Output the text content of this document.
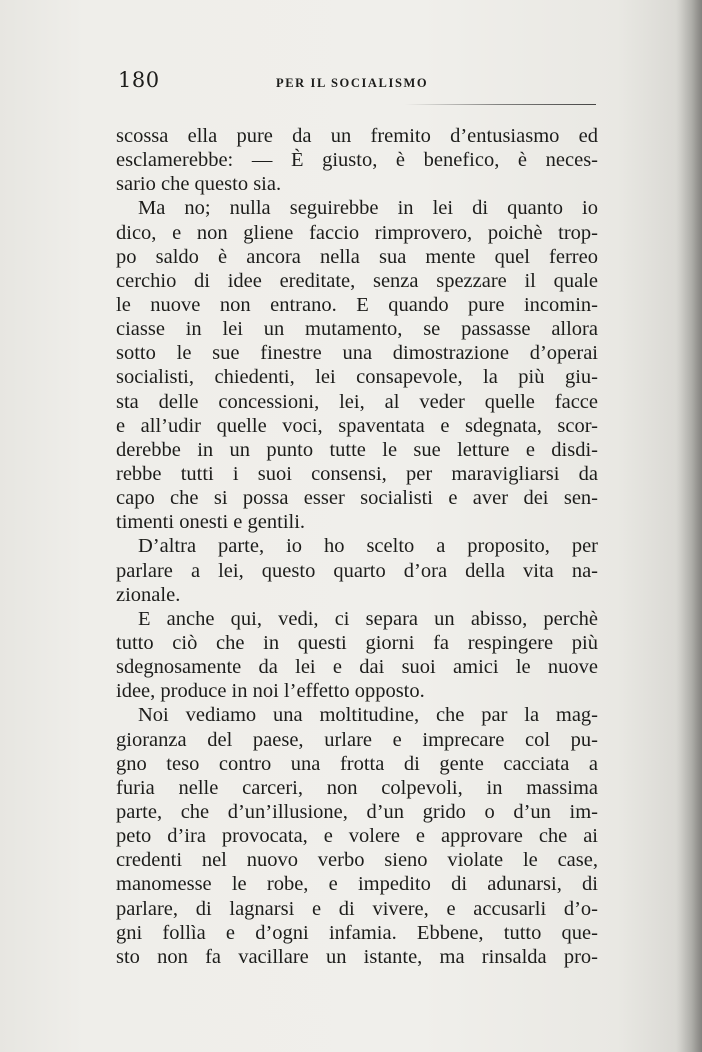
180	PER IL SOCIALISMO
scossa ella pure da un fremito d’entusiasmo ed
esclamerebbe: — È giusto, è benefico, è neces-
sario che questo sia.
Ma no; nulla seguirebbe in lei di quanto io
dico, e non gliene faccio rimprovero, poichè trop-
po saldo è ancora nella sua mente quel ferreo
cerchio di idee ereditate, senza spezzare il quale
le nuove non entrano. E quando pure incomin-
ciasse in lei un mutamento, se passasse allora
sotto le sue finestre una dimostrazione d’operai
socialisti, chiedenti, lei consapevole, la più giu-
sta delle concessioni, lei, al veder quelle facce
e all’udir quelle voci, spaventata e sdegnata, scor-
derebbe in un punto tutte le sue letture e disdi-
rebbe tutti i suoi consensi, per maravigliarsi da
capo che si possa esser socialisti e aver dei sen-
timenti onesti e gentili.
D’altra parte, io ho scelto a proposito, per
parlare a lei, questo quarto d’ora della vita na-
zionale.
E anche qui, vedi, ci separa un abisso, perchè
tutto ciò che in questi giorni fa respingere più
sdegnosamente da lei e dai suoi amici le nuove
idee, produce in noi l’effetto opposto.
Noi vediamo una moltitudine, che par la mag-
gioranza del paese, urlare e imprecare col pu-
gno teso contro una frotta di gente cacciata a
furia nelle carceri, non colpevoli, in massima
parte, che d’un’illusione, d’un grido o d’un im-
peto d’ira provocata, e volere e approvare che ai
credenti nel nuovo verbo sieno violate le case,
manomesse le robe, e impedito di adunarsi, di
parlare, di lagnarsi e di vivere, e accusarli d’o-
gni follìa e d’ogni infamia. Ebbene, tutto que-
sto non fa vacillare un istante, ma rinsalda pro-
